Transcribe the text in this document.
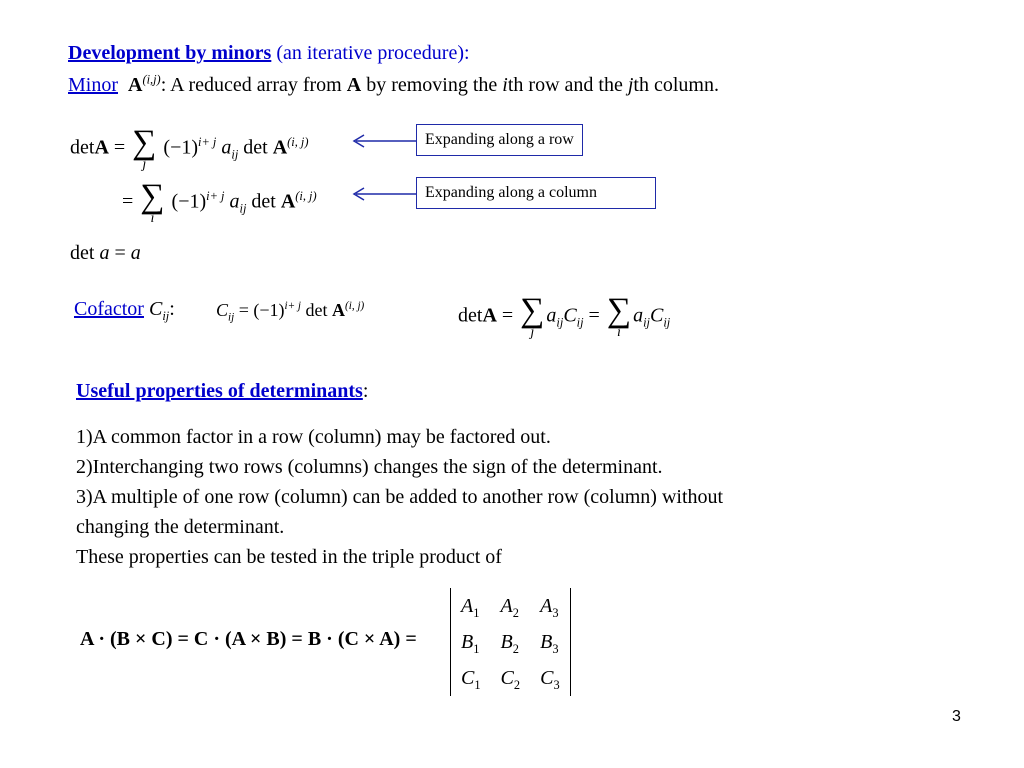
Development by minors (an iterative procedure):
Minor A$^{(i,j)}$: A reduced array from A by removing the ith row and the jth column.
detA = ∑
j
$(-1)^{i+ j}$ $a_{ij}$ det A$^{(i, j)}$
= ∑
i
$(-1)^{i+ j}$ $a_{ij}$ det A$^{(i, j)}$
Expanding along a row
Expanding along a column
det a = a
Cofactor $C_{ij}$: $C_{ij} = (-1)^{i+ j}$ det A$^{(i, j)}$	detA = ∑
j
$a_{ij}C_{ij}$ = ∑
i
$a_{ij}C_{ij}$
Useful properties of determinants:

1)A common factor in a row (column) may be factored out.

2)Interchanging two rows (columns) changes the sign of the determinant.

3)A multiple of one row (column) can be added to another row (column) without

changing the determinant.

These properties can be tested in the triple product of

A · (B × C) = C · (A × B) = B · (C × A) =
$A_1$	$A_2$	$A_3$
$B_1$	$B_2$	$B_3$
$C_1$	$C_2$	$C_3$
3
